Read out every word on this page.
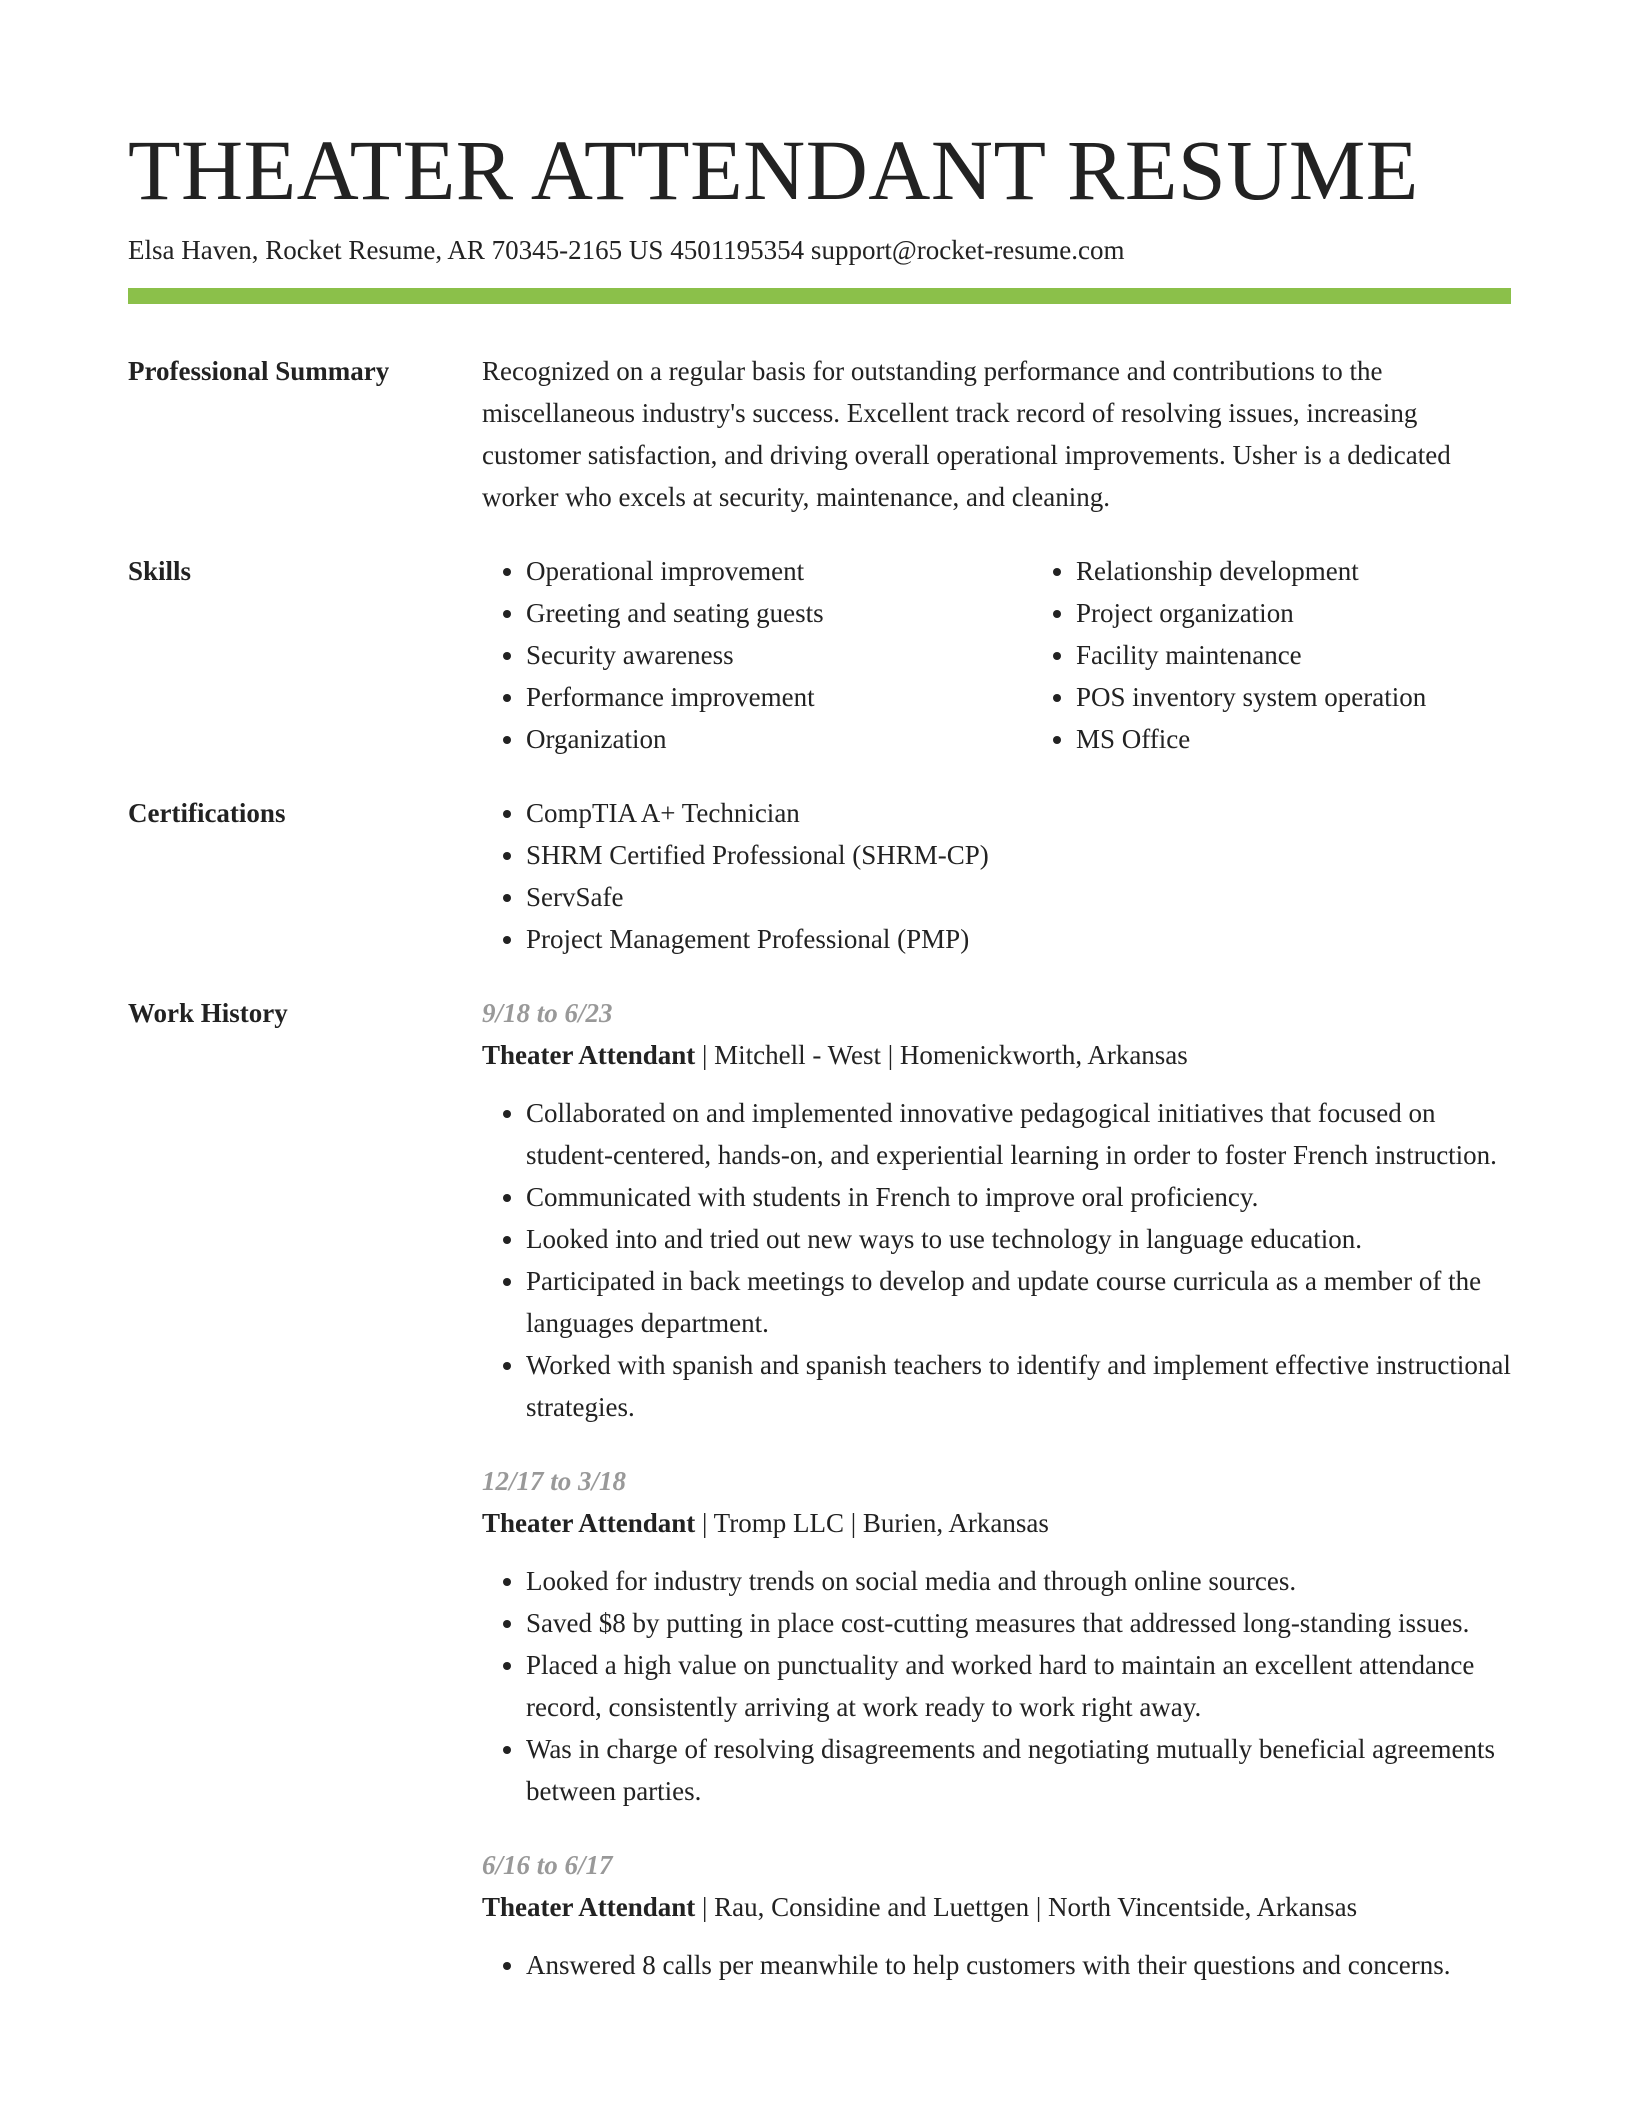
THEATER ATTENDANT RESUME
Elsa Haven, Rocket Resume, AR 70345-2165 US 4501195354 support@rocket-resume.com
Professional Summary	Recognized on a regular basis for outstanding performance and contributions to the miscellaneous industry's success. Excellent track record of resolving issues, increasing customer satisfaction, and driving overall operational improvements. Usher is a dedicated worker who excels at security, maintenance, and cleaning.

Skills	• Operational improvement
• Greeting and seating guests
• Security awareness
• Performance improvement
• Organization
• Relationship development
• Project organization
• Facility maintenance
• POS inventory system operation
• MS Office
Certifications	• CompTIA A+ Technician
• SHRM Certified Professional (SHRM-CP)
• ServSafe
• Project Management Professional (PMP)
Work History	9/18 to 6/23
Theater Attendant | Mitchell - West | Homenickworth, Arkansas
• Collaborated on and implemented innovative pedagogical initiatives that focused on student-centered, hands-on, and experiential learning in order to foster French instruction.
• Communicated with students in French to improve oral proficiency.
• Looked into and tried out new ways to use technology in language education.
• Participated in back meetings to develop and update course curricula as a member of the languages department.
• Worked with spanish and spanish teachers to identify and implement effective instructional strategies.
12/17 to 3/18
Theater Attendant | Tromp LLC | Burien, Arkansas
• Looked for industry trends on social media and through online sources.
• Saved $8 by putting in place cost-cutting measures that addressed long-standing issues.
• Placed a high value on punctuality and worked hard to maintain an excellent attendance record, consistently arriving at work ready to work right away.
• Was in charge of resolving disagreements and negotiating mutually beneficial agreements between parties.
6/16 to 6/17
Theater Attendant | Rau, Considine and Luettgen | North Vincentside, Arkansas
• Answered 8 calls per meanwhile to help customers with their questions and concerns.
